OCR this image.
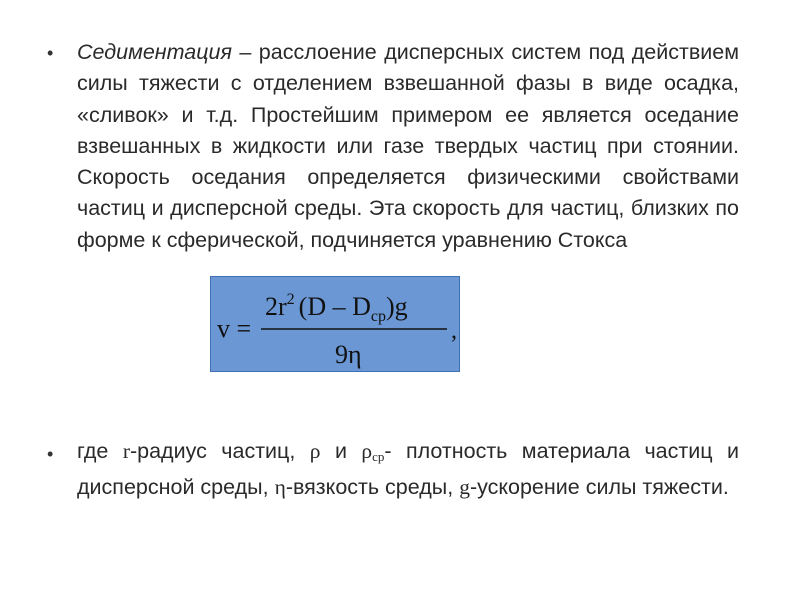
• Седиментация – расслоение дисперсных систем под действием силы тяжести с отделением взвешанной фазы в виде осадка, «сливок» и т.д. Простейшим примером ее является оседание взвешанных в жидкости или газе твердых частиц при стоянии. Скорость оседания определяется физическими свойствами частиц и дисперсной среды. Эта скорость для частиц, близких по форме к сферической, подчиняется уравнению Стокса

v =
$2r^2$ $(D - D_{ср})g$
9η
,
• где r-радиус частиц, ρ и $\rho_{ср}-$ плотность материала частиц и дисперсной среды, η-вязкость среды, g-ускорение силы тяжести.
